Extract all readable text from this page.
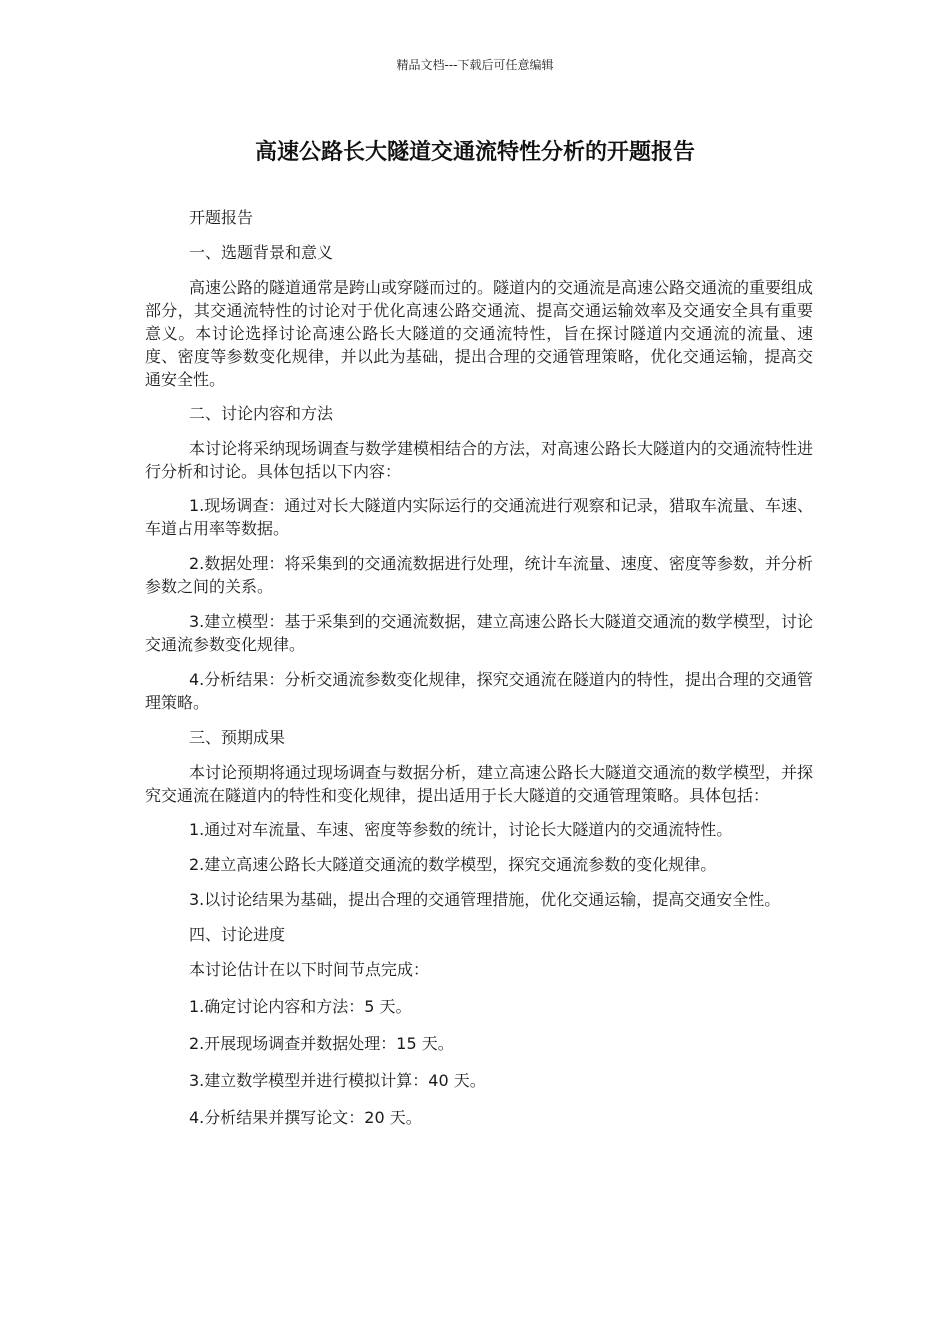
精品文档---下载后可任意编辑
高速公路长大隧道交通流特性分析的开题报告

开题报告

一、选题背景和意义

高速公路的隧道通常是跨山或穿隧而过的。隧道内的交通流是高速公路交通流的重要组成部分，其交通流特性的讨论对于优化高速公路交通流、提高交通运输效率及交通安全具有重要意义。本讨论选择讨论高速公路长大隧道的交通流特性，旨在探讨隧道内交通流的流量、速度、密度等参数变化规律，并以此为基础，提出合理的交通管理策略，优化交通运输，提高交通安全性。

二、讨论内容和方法

本讨论将采纳现场调查与数学建模相结合的方法，对高速公路长大隧道内的交通流特性进行分析和讨论。具体包括以下内容：

1.现场调查：通过对长大隧道内实际运行的交通流进行观察和记录，猎取车流量、车速、车道占用率等数据。

2.数据处理：将采集到的交通流数据进行处理，统计车流量、速度、密度等参数，并分析参数之间的关系。

3.建立模型：基于采集到的交通流数据，建立高速公路长大隧道交通流的数学模型，讨论交通流参数变化规律。

4.分析结果：分析交通流参数变化规律，探究交通流在隧道内的特性，提出合理的交通管理策略。

三、预期成果

本讨论预期将通过现场调查与数据分析，建立高速公路长大隧道交通流的数学模型，并探究交通流在隧道内的特性和变化规律，提出适用于长大隧道的交通管理策略。具体包括：

1.通过对车流量、车速、密度等参数的统计，讨论长大隧道内的交通流特性。

2.建立高速公路长大隧道交通流的数学模型，探究交通流参数的变化规律。

3.以讨论结果为基础，提出合理的交通管理措施，优化交通运输，提高交通安全性。

四、讨论进度

本讨论估计在以下时间节点完成：

1.确定讨论内容和方法：5 天。

2.开展现场调查并数据处理：15 天。

3.建立数学模型并进行模拟计算：40 天。

4.分析结果并撰写论文：20 天。
